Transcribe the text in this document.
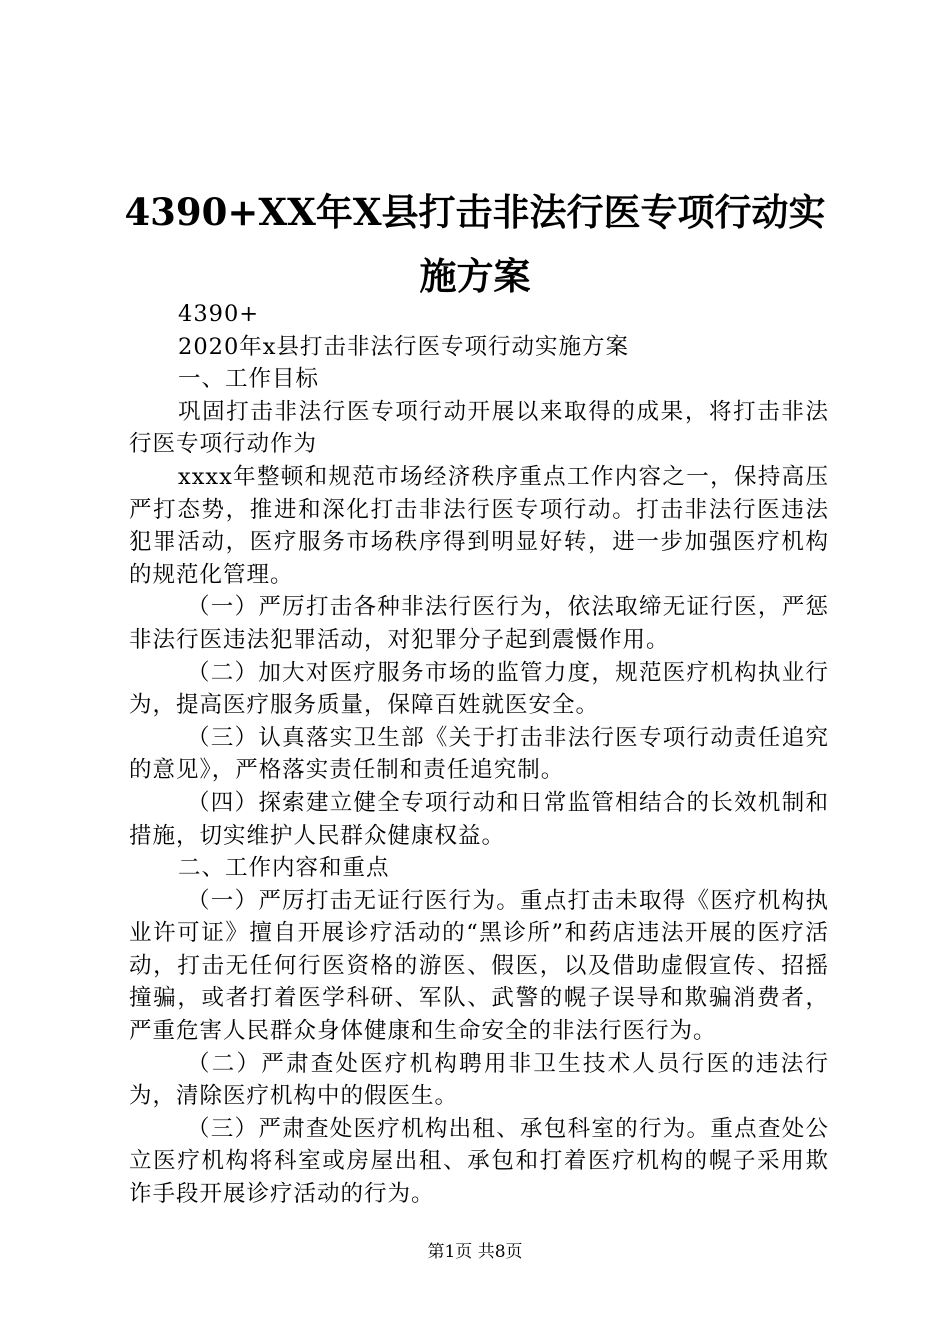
4390+XX年X县打击非法行医专项行动实施方案

4390+

2020年x县打击非法行医专项行动实施方案

一、工作目标

巩固打击非法行医专项行动开展以来取得的成果，将打击非法行医专项行动作为

xxxx年整顿和规范市场经济秩序重点工作内容之一，保持高压严打态势，推进和深化打击非法行医专项行动。打击非法行医违法犯罪活动，医疗服务市场秩序得到明显好转，进一步加强医疗机构的规范化管理。

（一）严厉打击各种非法行医行为，依法取缔无证行医，严惩非法行医违法犯罪活动，对犯罪分子起到震慑作用。

（二）加大对医疗服务市场的监管力度，规范医疗机构执业行为，提高医疗服务质量，保障百姓就医安全。

（三）认真落实卫生部《关于打击非法行医专项行动责任追究的意见》，严格落实责任制和责任追究制。

（四）探索建立健全专项行动和日常监管相结合的长效机制和措施，切实维护人民群众健康权益。

二、工作内容和重点

（一）严厉打击无证行医行为。重点打击未取得《医疗机构执业许可证》擅自开展诊疗活动的“黑诊所”和药店违法开展的医疗活动，打击无任何行医资格的游医、假医，以及借助虚假宣传、招摇撞骗，或者打着医学科研、军队、武警的幌子误导和欺骗消费者，严重危害人民群众身体健康和生命安全的非法行医行为。

（二）严肃查处医疗机构聘用非卫生技术人员行医的违法行为，清除医疗机构中的假医生。

（三）严肃查处医疗机构出租、承包科室的行为。重点查处公立医疗机构将科室或房屋出租、承包和打着医疗机构的幌子采用欺诈手段开展诊疗活动的行为。

第1页 共8页
